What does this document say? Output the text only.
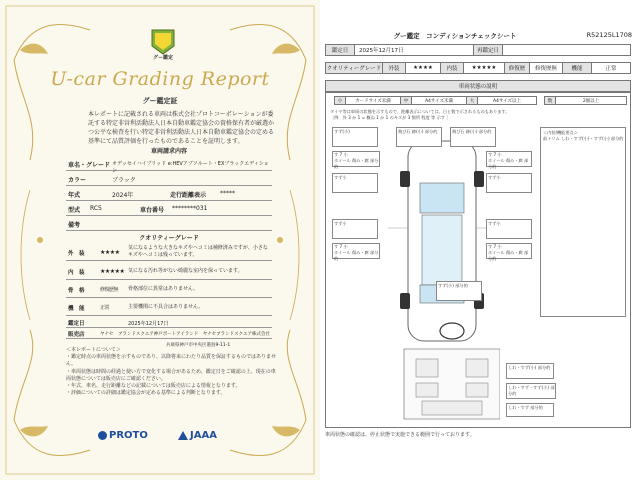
グー鑑定
U-car Grading Report
グー鑑定証
本レポートに記載される車両は株式会社プロトコーポレーションが委託する特定非営利活動法人日本自動車鑑定協会の資格保有者が厳選かつ公平な検査を行い特定非営利活動法人日本自動車鑑定協会の定める基準にて品質評価を行ったものであることを証明します。
車両請求内容
車名・グレード オデッセイハイブリッド e:HEVアブソルート・EXブラックエディション
カラー	ブラック
年式	2024年	走行距離表示 *****
型式 RC5	車台番号 ********031
備考
クオリティーグレード
外　装	★★★★
気になるような大きなキズやヘコミは補修済みですが、小さなキズやヘコミは残っています。
内　装	★★★★★ 気になる汚れ等がない綺麗な室内を保っています。
骨　格	修復歴無 骨格部位に異常はありません。
機　能	正常	主要機関に不具合はありません。
鑑定日	2025年12月17日
販売店	ヤナセ　ブランドスクエア神戸ポートアイランド　ヤナセブランドスクエア株式会社
兵庫県神戸市中央区港島9-11-1
＜本レポートについて＞
・鑑定時点の車両状態を示すものであり、以降将来にわたり品質を保証するものではありません。
・車両状態は時間の経過と使い方で変化する場合があるため、鑑定日をご確認の上、現在の車両状態については販売店にご確認ください。
・年式、車名、走行距離などの記載については販売店による情報となります。
・評価についての詳細は鑑定協会が定める基準による判断となります。
PROTO	JAAA
グー鑑定　コンディションチェックシート	R52125L1708
鑑定日	2025年12月17日	再鑑定日
クオリティーグレード	外装	★★★★	内装	★★★★★	修復歴	修復歴無	機能	正常
車両状態の説明
小	カードサイズ未満	中	A4サイズ未満	大	A4サイズ以上	数	2個以上
タイヤ等は車両の状態を示すもので、距離表示については、日と数で示されるものもあります。
［例　外 3 か 1 = 概ね 1 か 1 のキズが 3 箇所 程度 等 示す ］
すず(小)	飛び石 跡(小) 部分的	飛び石 跡(小) 部分的
す 7 小
ホイール 傷み・腐 部分的
す 7 小
ホイール 傷み・腐 部分的
すず小	すず小
すず小	すず小
す 7 小
ホイール 傷み・腐 部分的
す 7 小
ホイール 傷み・腐 部分的
すず(小) 部分的
＜内装/機能要点＞
前トリム しわ・すず(小)・すず(小) 部分的
しわ・すず(小) 部分的
しわ・すず・すず(小) 部分的
しわ・すず 部分的
車両状態の確認は、停止状態で実施できる範囲で行っております。
